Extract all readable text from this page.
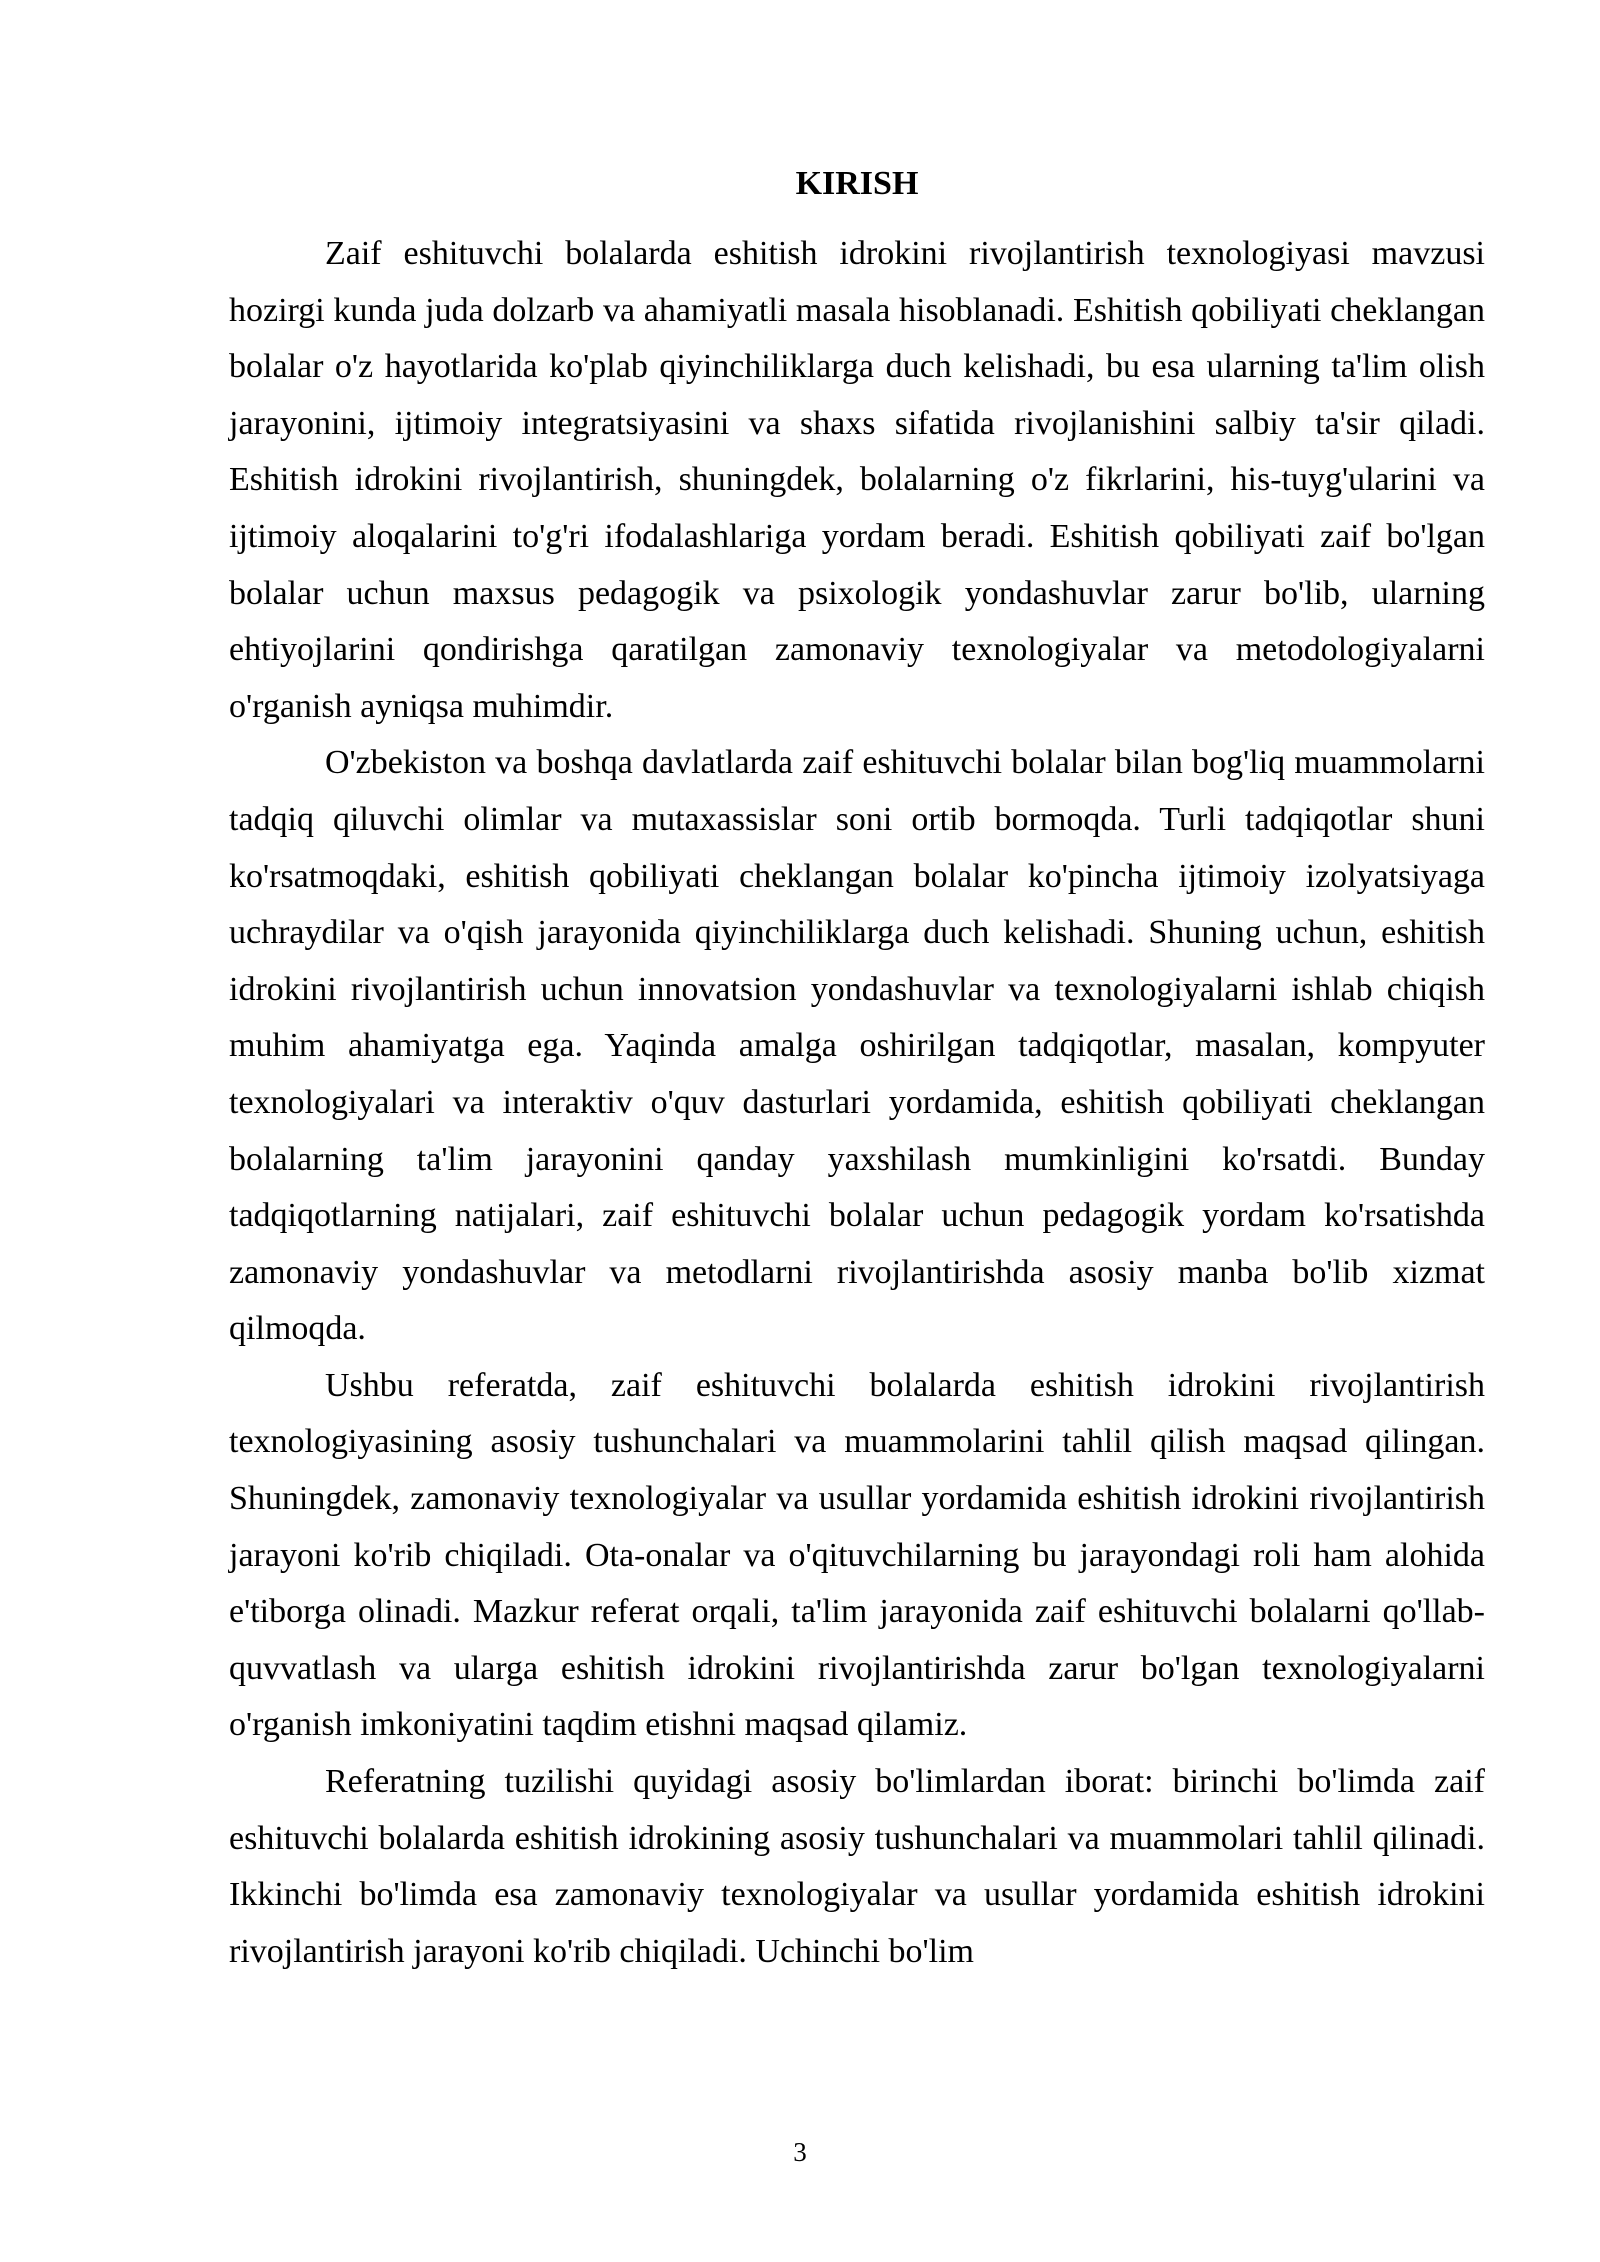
KIRISH

Zaif eshituvchi bolalarda eshitish idrokini rivojlantirish texnologiyasi mavzusi hozirgi kunda juda dolzarb va ahamiyatli masala hisoblanadi. Eshitish qobiliyati cheklangan bolalar o'z hayotlarida ko'plab qiyinchiliklarga duch kelishadi, bu esa ularning ta'lim olish jarayonini, ijtimoiy integratsiyasini va shaxs sifatida rivojlanishini salbiy ta'sir qiladi. Eshitish idrokini rivojlantirish, shuningdek, bolalarning o'z fikrlarini, his-tuyg'ularini va ijtimoiy aloqalarini to'g'ri ifodalashlariga yordam beradi. Eshitish qobiliyati zaif bo'lgan bolalar uchun maxsus pedagogik va psixologik yondashuvlar zarur bo'lib, ularning ehtiyojlarini qondirishga qaratilgan zamonaviy texnologiyalar va metodologiyalarni o'rganish ayniqsa muhimdir.

O'zbekiston va boshqa davlatlarda zaif eshituvchi bolalar bilan bog'liq muammolarni tadqiq qiluvchi olimlar va mutaxassislar soni ortib bormoqda. Turli tadqiqotlar shuni ko'rsatmoqdaki, eshitish qobiliyati cheklangan bolalar ko'pincha ijtimoiy izolyatsiyaga uchraydilar va o'qish jarayonida qiyinchiliklarga duch kelishadi. Shuning uchun, eshitish idrokini rivojlantirish uchun innovatsion yondashuvlar va texnologiyalarni ishlab chiqish muhim ahamiyatga ega. Yaqinda amalga oshirilgan tadqiqotlar, masalan, kompyuter texnologiyalari va interaktiv o'quv dasturlari yordamida, eshitish qobiliyati cheklangan bolalarning ta'lim jarayonini qanday yaxshilash mumkinligini ko'rsatdi. Bunday tadqiqotlarning natijalari, zaif eshituvchi bolalar uchun pedagogik yordam ko'rsatishda zamonaviy yondashuvlar va metodlarni rivojlantirishda asosiy manba bo'lib xizmat qilmoqda.

Ushbu referatda, zaif eshituvchi bolalarda eshitish idrokini rivojlantirish texnologiyasining asosiy tushunchalari va muammolarini tahlil qilish maqsad qilingan. Shuningdek, zamonaviy texnologiyalar va usullar yordamida eshitish idrokini rivojlantirish jarayoni ko'rib chiqiladi. Ota-onalar va o'qituvchilarning bu jarayondagi roli ham alohida e'tiborga olinadi. Mazkur referat orqali, ta'lim jarayonida zaif eshituvchi bolalarni qo'llab-quvvatlash va ularga eshitish idrokini rivojlantirishda zarur bo'lgan texnologiyalarni o'rganish imkoniyatini taqdim etishni maqsad qilamiz.

Referatning tuzilishi quyidagi asosiy bo'limlardan iborat: birinchi bo'limda zaif eshituvchi bolalarda eshitish idrokining asosiy tushunchalari va muammolari tahlil qilinadi. Ikkinchi bo'limda esa zamonaviy texnologiyalar va usullar yordamida eshitish idrokini rivojlantirish jarayoni ko'rib chiqiladi. Uchinchi bo'lim

3
